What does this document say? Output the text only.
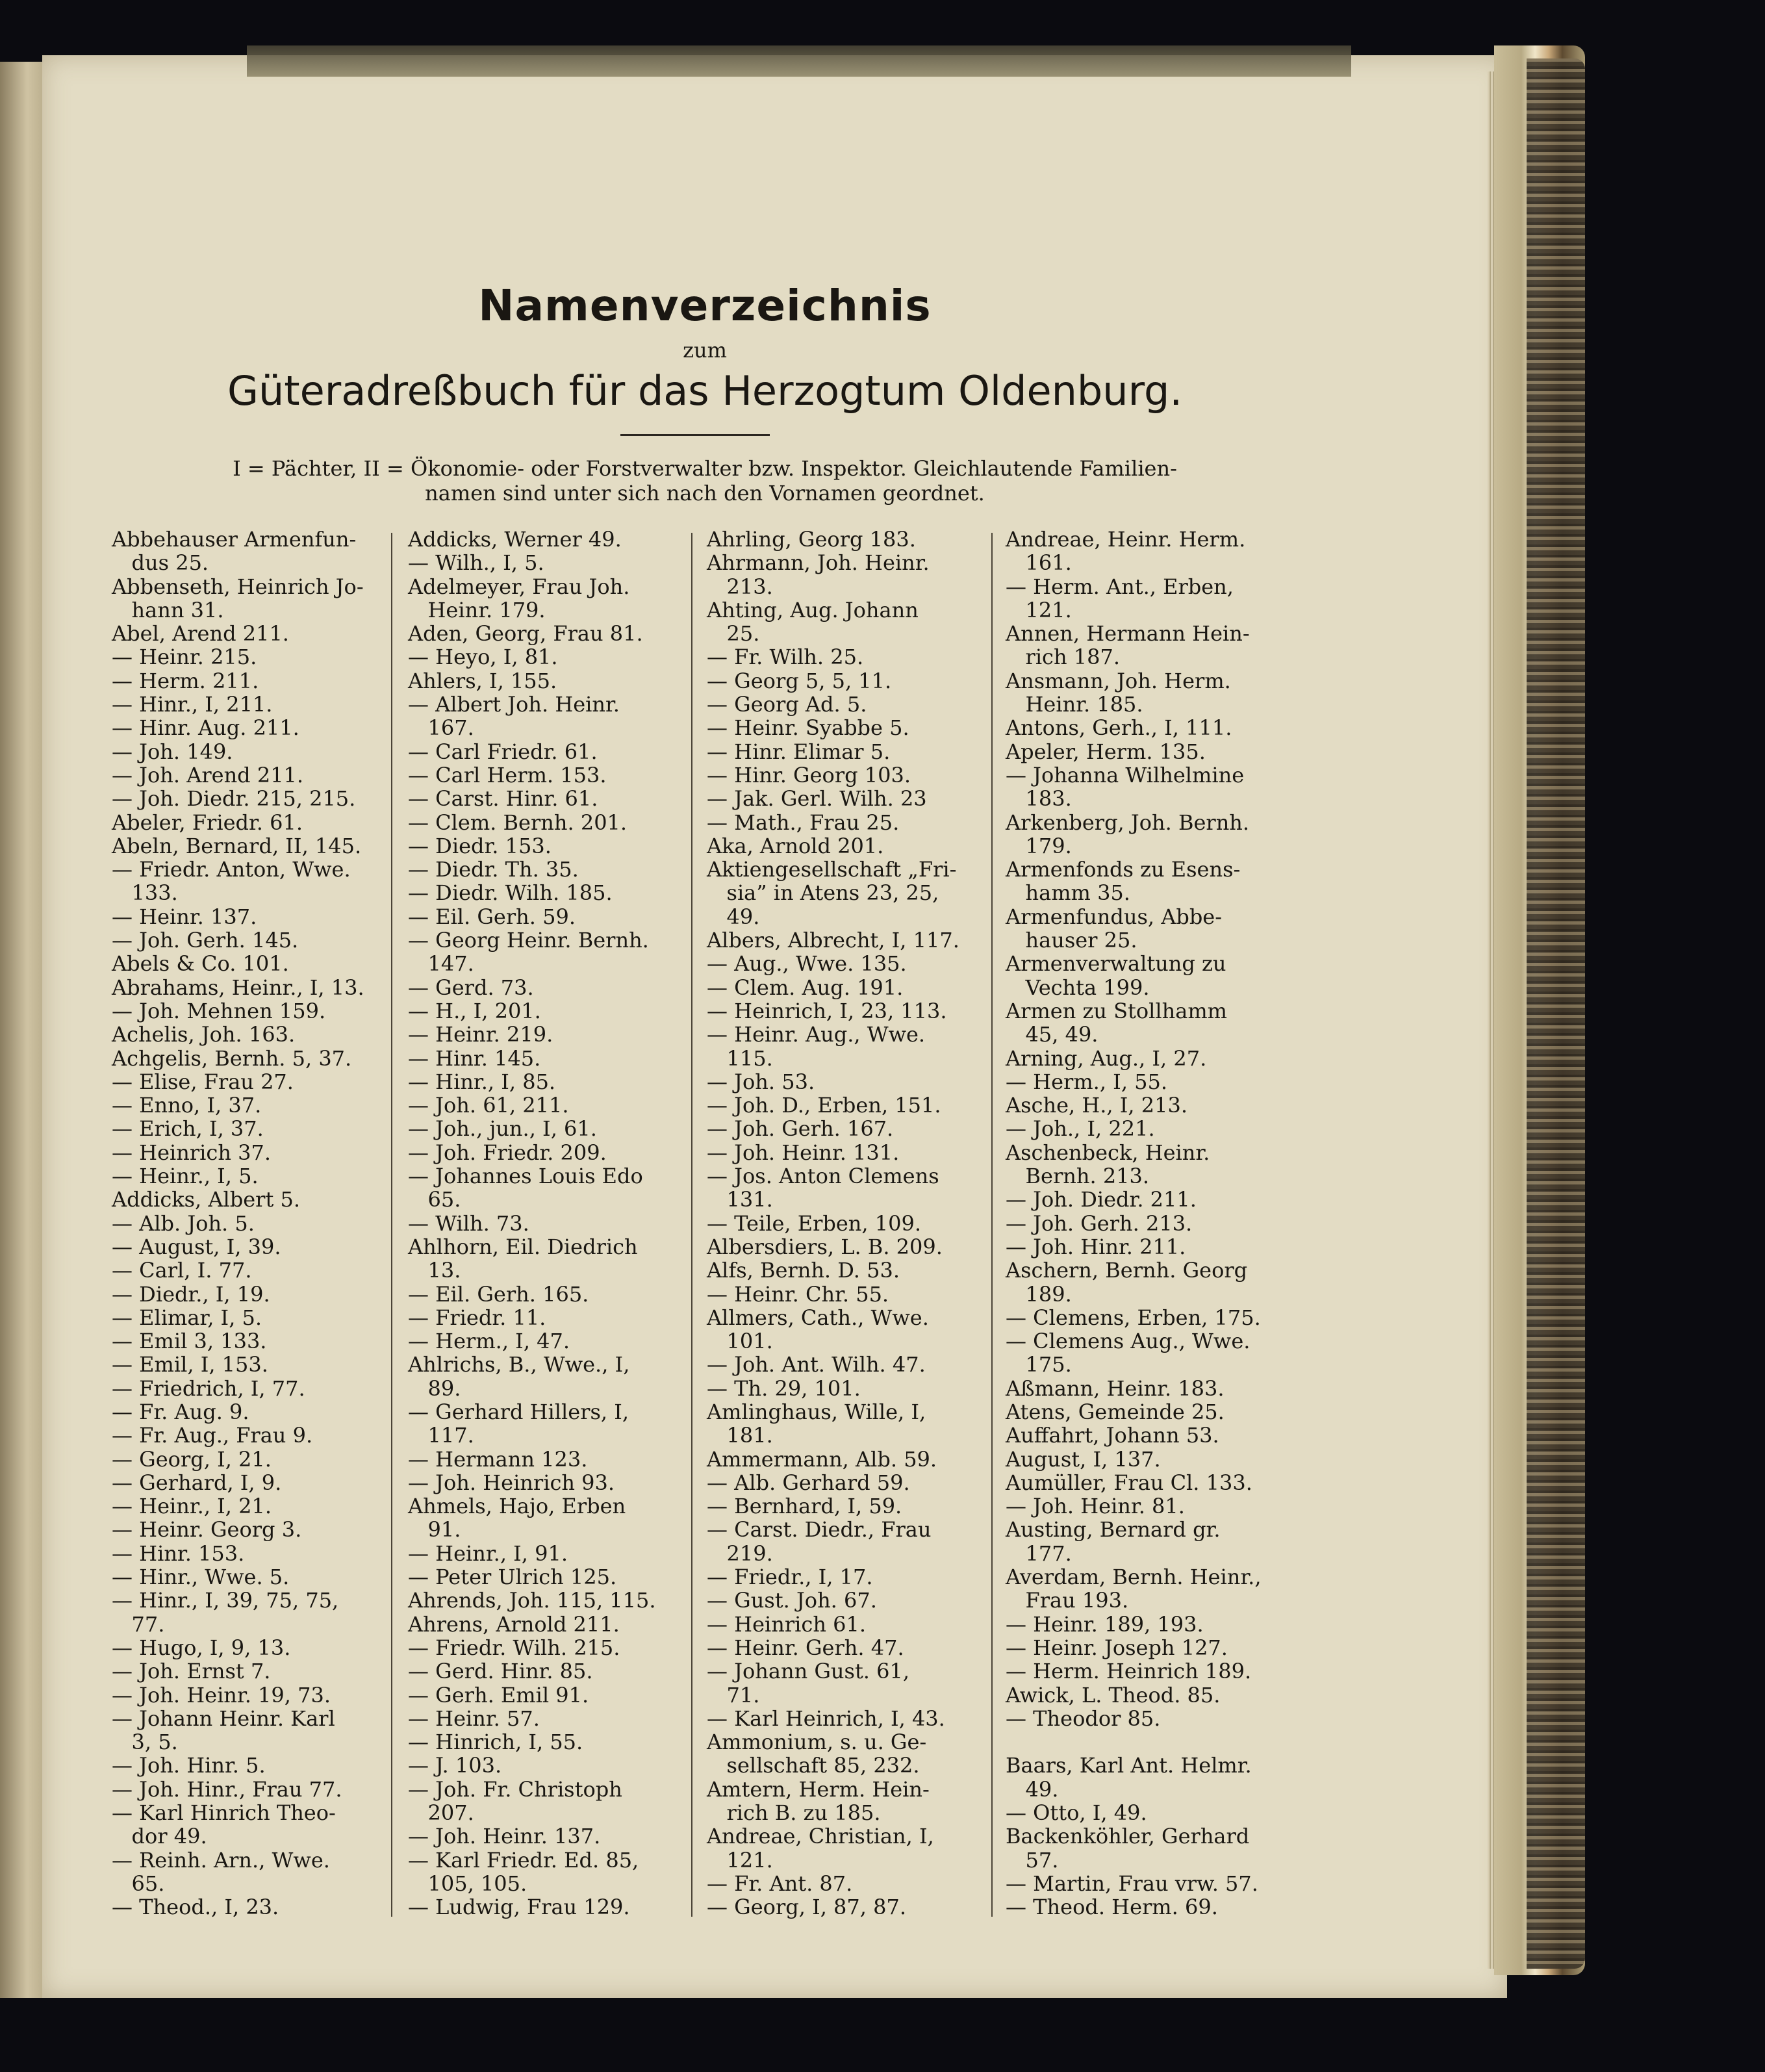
Namenverzeichnis
zum
Güteradreßbuch für das Herzogtum Oldenburg.
I = Pächter, II = Ökonomie- oder Forstverwalter bzw. Inspektor. Gleichlautende Familien-
namen sind unter sich nach den Vornamen geordnet.
Abbehauser Armenfun-
dus 25.
Abbenseth, Heinrich Jo-
hann 31.
Abel, Arend 211.
— Heinr. 215.
— Herm. 211.
— Hinr., I, 211.
— Hinr. Aug. 211.
— Joh. 149.
— Joh. Arend 211.
— Joh. Diedr. 215, 215.
Abeler, Friedr. 61.
Abeln, Bernard, II, 145.
— Friedr. Anton, Wwe.
133.
— Heinr. 137.
— Joh. Gerh. 145.
Abels & Co. 101.
Abrahams, Heinr., I, 13.
— Joh. Mehnen 159.
Achelis, Joh. 163.
Achgelis, Bernh. 5, 37.
— Elise, Frau 27.
— Enno, I, 37.
— Erich, I, 37.
— Heinrich 37.
— Heinr., I, 5.
Addicks, Albert 5.
— Alb. Joh. 5.
— August, I, 39.
— Carl, I. 77.
— Diedr., I, 19.
— Elimar, I, 5.
— Emil 3, 133.
— Emil, I, 153.
— Friedrich, I, 77.
— Fr. Aug. 9.
— Fr. Aug., Frau 9.
— Georg, I, 21.
— Gerhard, I, 9.
— Heinr., I, 21.
— Heinr. Georg 3.
— Hinr. 153.
— Hinr., Wwe. 5.
— Hinr., I, 39, 75, 75,
77.
— Hugo, I, 9, 13.
— Joh. Ernst 7.
— Joh. Heinr. 19, 73.
— Johann Heinr. Karl
3, 5.
— Joh. Hinr. 5.
— Joh. Hinr., Frau 77.
— Karl Hinrich Theo-
dor 49.
— Reinh. Arn., Wwe.
65.
— Theod., I, 23.
Addicks, Werner 49.
— Wilh., I, 5.
Adelmeyer, Frau Joh.
Heinr. 179.
Aden, Georg, Frau 81.
— Heyo, I, 81.
Ahlers, I, 155.
— Albert Joh. Heinr.
167.
— Carl Friedr. 61.
— Carl Herm. 153.
— Carst. Hinr. 61.
— Clem. Bernh. 201.
— Diedr. 153.
— Diedr. Th. 35.
— Diedr. Wilh. 185.
— Eil. Gerh. 59.
— Georg Heinr. Bernh.
147.
— Gerd. 73.
— H., I, 201.
— Heinr. 219.
— Hinr. 145.
— Hinr., I, 85.
— Joh. 61, 211.
— Joh., jun., I, 61.
— Joh. Friedr. 209.
— Johannes Louis Edo
65.
— Wilh. 73.
Ahlhorn, Eil. Diedrich
13.
— Eil. Gerh. 165.
— Friedr. 11.
— Herm., I, 47.
Ahlrichs, B., Wwe., I,
89.
— Gerhard Hillers, I,
117.
— Hermann 123.
— Joh. Heinrich 93.
Ahmels, Hajo, Erben
91.
— Heinr., I, 91.
— Peter Ulrich 125.
Ahrends, Joh. 115, 115.
Ahrens, Arnold 211.
— Friedr. Wilh. 215.
— Gerd. Hinr. 85.
— Gerh. Emil 91.
— Heinr. 57.
— Hinrich, I, 55.
— J. 103.
— Joh. Fr. Christoph
207.
— Joh. Heinr. 137.
— Karl Friedr. Ed. 85,
105, 105.
— Ludwig, Frau 129.
Ahrling, Georg 183.
Ahrmann, Joh. Heinr.
213.
Ahting, Aug. Johann
25.
— Fr. Wilh. 25.
— Georg 5, 5, 11.
— Georg Ad. 5.
— Heinr. Syabbe 5.
— Hinr. Elimar 5.
— Hinr. Georg 103.
— Jak. Gerl. Wilh. 23
— Math., Frau 25.
Aka, Arnold 201.
Aktiengesellschaft „Fri-
sia” in Atens 23, 25,
49.
Albers, Albrecht, I, 117.
— Aug., Wwe. 135.
— Clem. Aug. 191.
— Heinrich, I, 23, 113.
— Heinr. Aug., Wwe.
115.
— Joh. 53.
— Joh. D., Erben, 151.
— Joh. Gerh. 167.
— Joh. Heinr. 131.
— Jos. Anton Clemens
131.
— Teile, Erben, 109.
Albersdiers, L. B. 209.
Alfs, Bernh. D. 53.
— Heinr. Chr. 55.
Allmers, Cath., Wwe.
101.
— Joh. Ant. Wilh. 47.
— Th. 29, 101.
Amlinghaus, Wille, I,
181.
Ammermann, Alb. 59.
— Alb. Gerhard 59.
— Bernhard, I, 59.
— Carst. Diedr., Frau
219.
— Friedr., I, 17.
— Gust. Joh. 67.
— Heinrich 61.
— Heinr. Gerh. 47.
— Johann Gust. 61,
71.
— Karl Heinrich, I, 43.
Ammonium, s. u. Ge-
sellschaft 85, 232.
Amtern, Herm. Hein-
rich B. zu 185.
Andreae, Christian, I,
121.
— Fr. Ant. 87.
— Georg, I, 87, 87.
Andreae, Heinr. Herm.
161.
— Herm. Ant., Erben,
121.
Annen, Hermann Hein-
rich 187.
Ansmann, Joh. Herm.
Heinr. 185.
Antons, Gerh., I, 111.
Apeler, Herm. 135.
— Johanna Wilhelmine
183.
Arkenberg, Joh. Bernh.
179.
Armenfonds zu Esens-
hamm 35.
Armenfundus, Abbe-
hauser 25.
Armenverwaltung zu
Vechta 199.
Armen zu Stollhamm
45, 49.
Arning, Aug., I, 27.
— Herm., I, 55.
Asche, H., I, 213.
— Joh., I, 221.
Aschenbeck, Heinr.
Bernh. 213.
— Joh. Diedr. 211.
— Joh. Gerh. 213.
— Joh. Hinr. 211.
Aschern, Bernh. Georg
189.
— Clemens, Erben, 175.
— Clemens Aug., Wwe.
175.
Aßmann, Heinr. 183.
Atens, Gemeinde 25.
Auffahrt, Johann 53.
August, I, 137.
Aumüller, Frau Cl. 133.
— Joh. Heinr. 81.
Austing, Bernard gr.
177.
Averdam, Bernh. Heinr.,
Frau 193.
— Heinr. 189, 193.
— Heinr. Joseph 127.
— Herm. Heinrich 189.
Awick, L. Theod. 85.
— Theodor 85.

Baars, Karl Ant. Helmr.
49.
— Otto, I, 49.
Backenköhler, Gerhard
57.
— Martin, Frau vrw. 57.
— Theod. Herm. 69.
